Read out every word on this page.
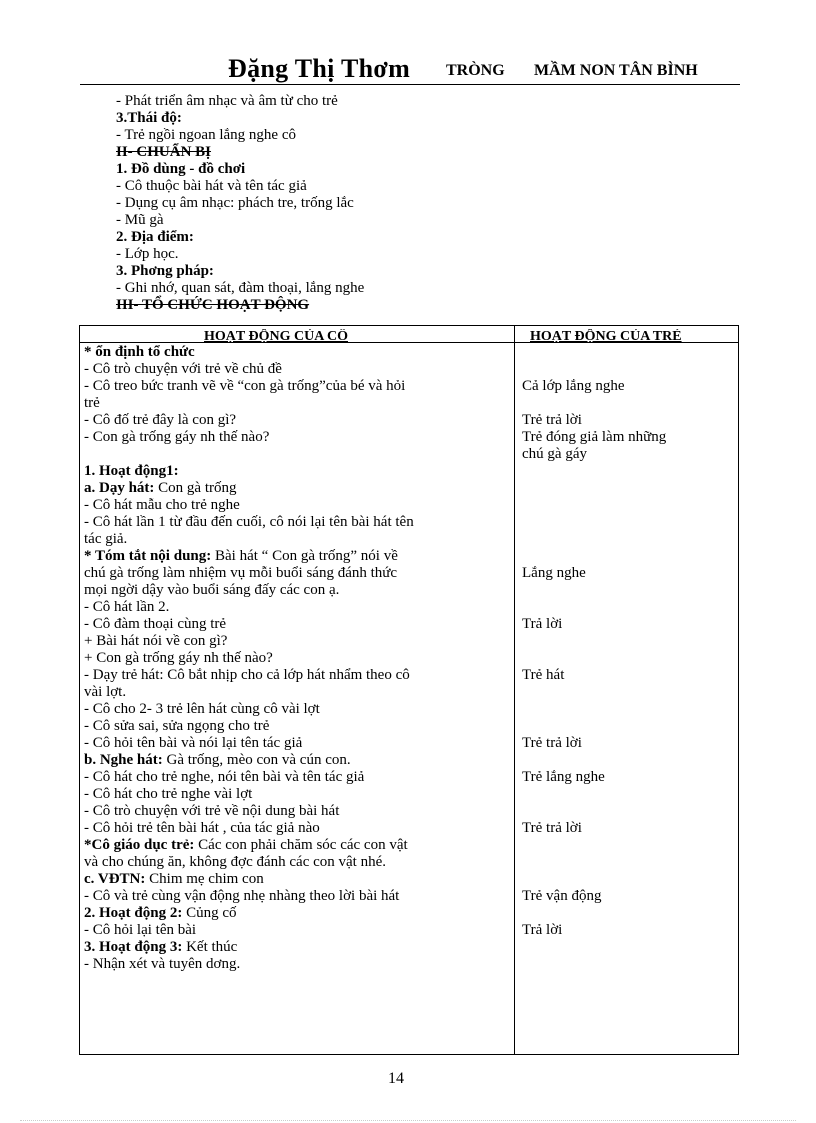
Đặng Thị Thơm TRÒNG MẦM NON TÂN BÌNH
- Phát triển âm nhạc và âm từ cho trẻ
3.Thái độ:
- Trẻ ngồi ngoan lắng nghe cô
II- CHUẨN BỊ
1. Đồ dùng - đồ chơi
- Cô thuộc bài hát và tên tác giả
- Dụng cụ âm nhạc: phách tre, trống lắc
- Mũ gà
2. Địa điểm:
- Lớp học.
3. Phơng pháp:
- Ghi nhớ, quan sát, đàm thoại, lắng nghe
III- TỔ CHỨC HOẠT ĐỘNG
HOẠT ĐỘNG CỦA CÔ	HOẠT ĐỘNG CỦA TRẺ
* ổn định tổ chức
- Cô trò chuyện với trẻ về chủ đề
- Cô treo bức tranh vẽ về “con gà trống”của bé và hỏi
trẻ
- Cô đố trẻ đây là con gì?
- Con gà trống gáy nh thế nào?

1. Hoạt động1:
a. Dạy hát: Con gà trống
- Cô hát mẫu cho trẻ nghe
- Cô hát lần 1 từ đầu đến cuối, cô nói lại tên bài hát tên
tác giả.
* Tóm tắt nội dung: Bài hát “ Con gà trống” nói về
chú gà trống làm nhiệm vụ mỗi buổi sáng đánh thức
mọi ngời dậy vào buổi sáng đấy các con ạ.
- Cô hát lần 2.
- Cô đàm thoại cùng trẻ
+ Bài hát nói về con gì?
+ Con gà trống gáy nh thế nào?
- Dạy trẻ hát: Cô bắt nhịp cho cả lớp hát nhẩm theo cô
vài lợt.
- Cô cho 2- 3 trẻ lên hát cùng cô vài lợt
- Cô sửa sai, sửa ngọng cho trẻ
- Cô hỏi tên bài và nói lại tên tác giả
b. Nghe hát: Gà trống, mèo con và cún con.
- Cô hát cho trẻ nghe, nói tên bài và tên tác giả
- Cô hát cho trẻ nghe vài lợt
- Cô trò chuyện với trẻ về nội dung bài hát
- Cô hỏi trẻ tên bài hát , của tác giả nào
*Cô giáo dục trẻ: Các con phải chăm sóc các con vật
và cho chúng ăn, không đợc đánh các con vật nhé.
c. VĐTN: Chim mẹ chim con
- Cô và trẻ cùng vận động nhẹ nhàng theo lời bài hát
2. Hoạt động 2: Củng cố
- Cô hỏi lại tên bài
3. Hoạt động 3: Kết thúc
- Nhận xét và tuyên dơng.
Cả lớp lắng nghe
Trẻ trả lời
Trẻ đóng giả làm những
chú gà gáy
Lắng nghe
Trả lời
Trẻ hát
Trẻ trả lời
Trẻ lắng nghe
Trẻ trả lời
Trẻ vận động
Trả lời
14
